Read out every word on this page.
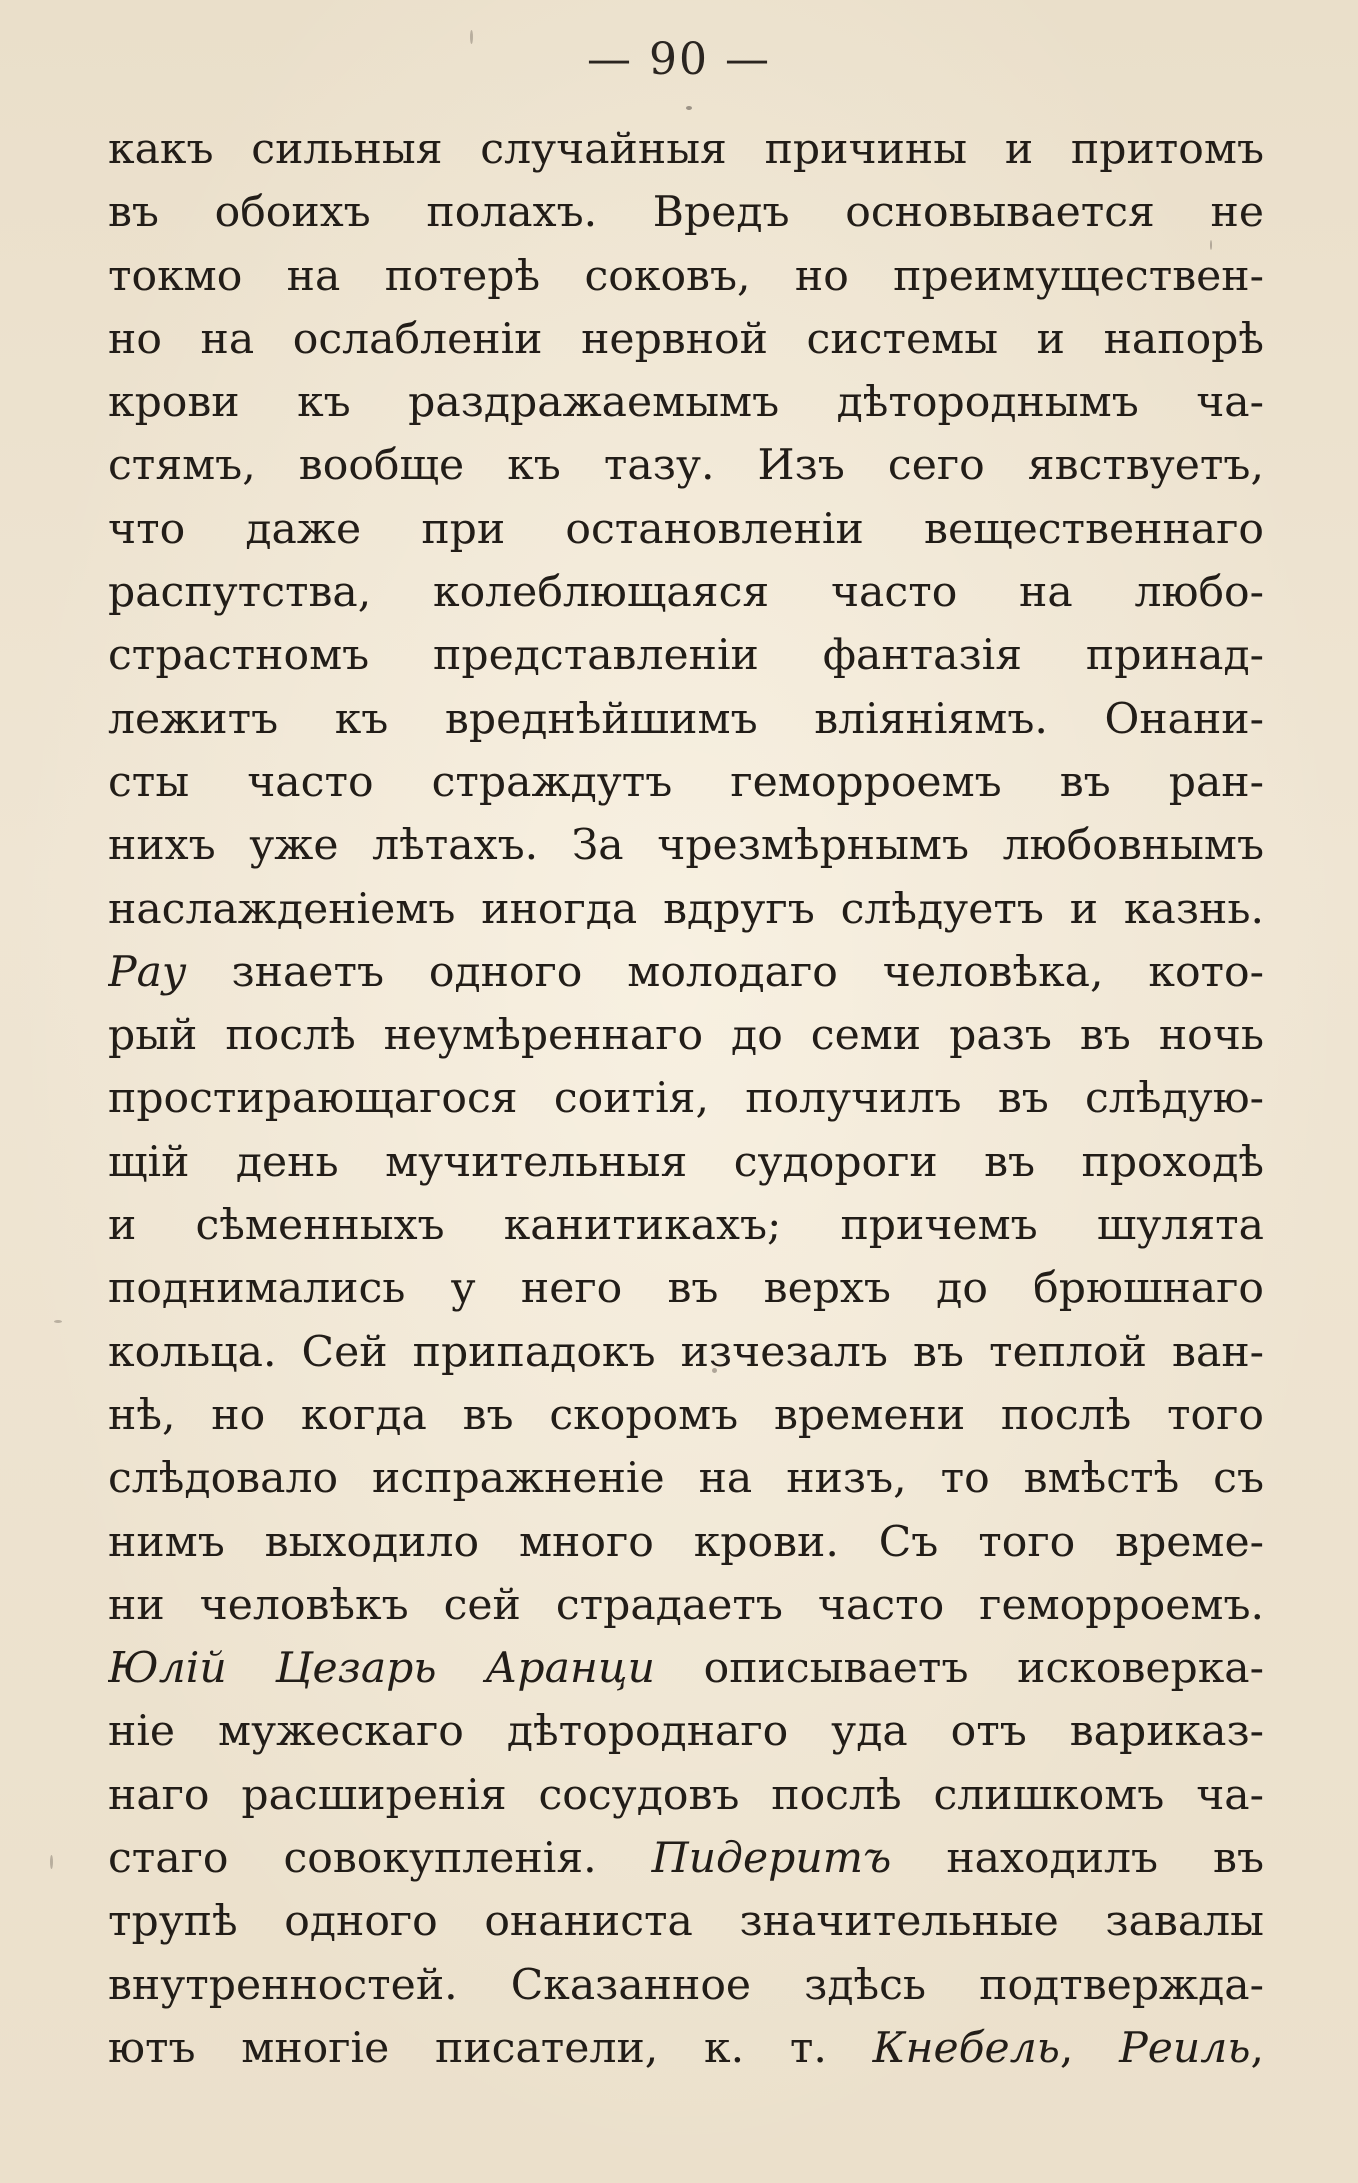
— 90 —
какъ сильныя случайныя причины и притомъ
въ обоихъ полахъ. Вредъ основывается не
токмо на потерѣ соковъ, но преимуществен-
но на ослабленіи нервной системы и напорѣ
крови къ раздражаемымъ дѣтороднымъ ча-
стямъ, вообще къ тазу. Изъ сего явствуетъ,
что даже при остановленіи вещественнаго
распутства, колеблющаяся часто на любо-
страстномъ представленіи фантазія принад-
лежитъ къ вреднѣйшимъ вліяніямъ. Онани-
сты часто страждутъ геморроемъ въ ран-
нихъ уже лѣтахъ. За чрезмѣрнымъ любовнымъ
наслажденіемъ иногда вдругъ слѣдуетъ и казнь.
Рау знаетъ одного молодаго человѣка, кото-
рый послѣ неумѣреннаго до семи разъ въ ночь
простирающагося соитія, получилъ въ слѣдую-
щій день мучительныя судороги въ проходѣ
и сѣменныхъ канитикахъ; причемъ шулята
поднимались у него въ верхъ до брюшнаго
кольца. Сей припадокъ изчезалъ въ теплой ван-
нѣ, но когда въ скоромъ времени послѣ того
слѣдовало испражненіе на низъ, то вмѣстѣ съ
нимъ выходило много крови. Съ того време-
ни человѣкъ сей страдаетъ часто геморроемъ.
Юлій Цезарь Аранци описываетъ исковерка-
ніе мужескаго дѣтороднаго уда отъ вариказ-
наго расширенія сосудовъ послѣ слишкомъ ча-
стаго совокупленія. Пидеритъ находилъ въ
трупѣ одного онаниста значительные завалы
внутренностей. Сказанное здѣсь подтвержда-
ютъ многіе писатели, к. т. Кнебель, Реиль,
